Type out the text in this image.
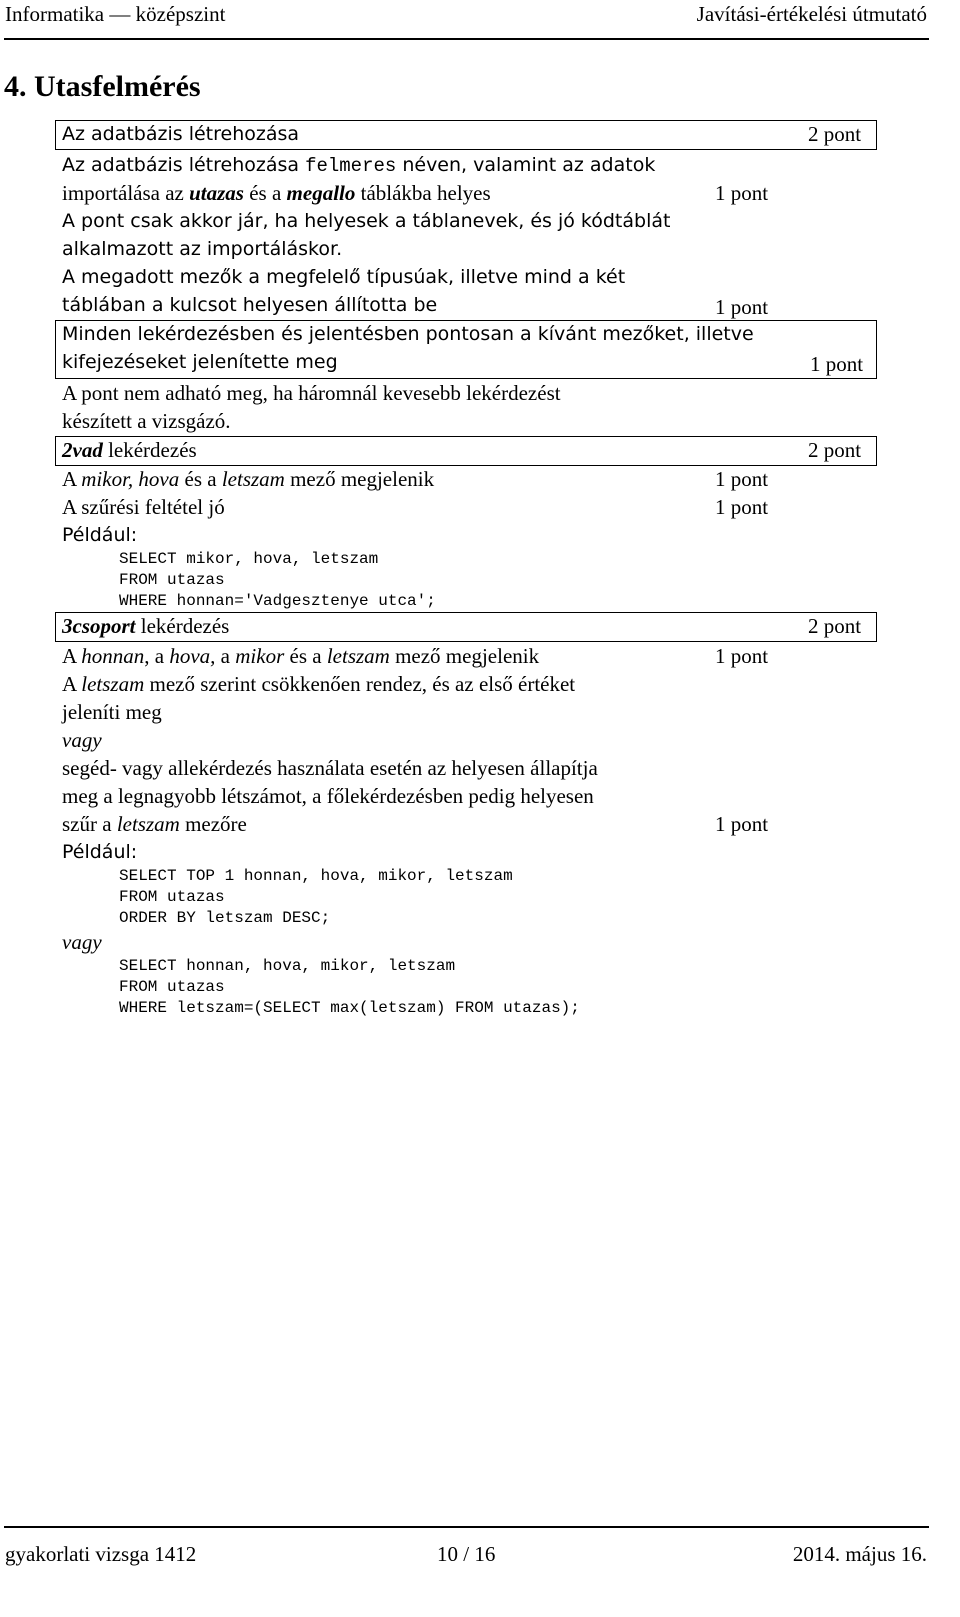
Informatika — középszint	Javítási-értékelési útmutató
4. Utasfelmérés
Az adatbázis létrehozása	2 pont
Az adatbázis létrehozása felmeres néven, valamint az adatok
importálása az utazas és a megallo táblákba helyes	1 pont
A pont csak akkor jár, ha helyesek a táblanevek, és jó kódtáblát
alkalmazott az importáláskor.
A megadott mezők a megfelelő típusúak, illetve mind a két
táblában a kulcsot helyesen állította be	1 pont
Minden lekérdezésben és jelentésben pontosan a kívánt mezőket, illetve
kifejezéseket jelenítette meg	1 pont
A pont nem adható meg, ha háromnál kevesebb lekérdezést
készített a vizsgázó.
2vad lekérdezés	2 pont
A mikor, hova és a letszam mező megjelenik	1 pont
A szűrési feltétel jó	1 pont
Például:
SELECT mikor, hova, letszam
FROM utazas
WHERE honnan='Vadgesztenye utca';
3csoport lekérdezés	2 pont
A honnan, a hova, a mikor és a letszam mező megjelenik	1 pont
A letszam mező szerint csökkenően rendez, és az első értéket
jeleníti meg
vagy
segéd- vagy allekérdezés használata esetén az helyesen állapítja
meg a legnagyobb létszámot, a főlekérdezésben pedig helyesen
szűr a letszam mezőre	1 pont
Például:
SELECT TOP 1 honnan, hova, mikor, letszam
FROM utazas
ORDER BY letszam DESC;
vagy
SELECT honnan, hova, mikor, letszam
FROM utazas
WHERE letszam=(SELECT max(letszam) FROM utazas);
gyakorlati vizsga 1412	10 / 16	2014. május 16.
